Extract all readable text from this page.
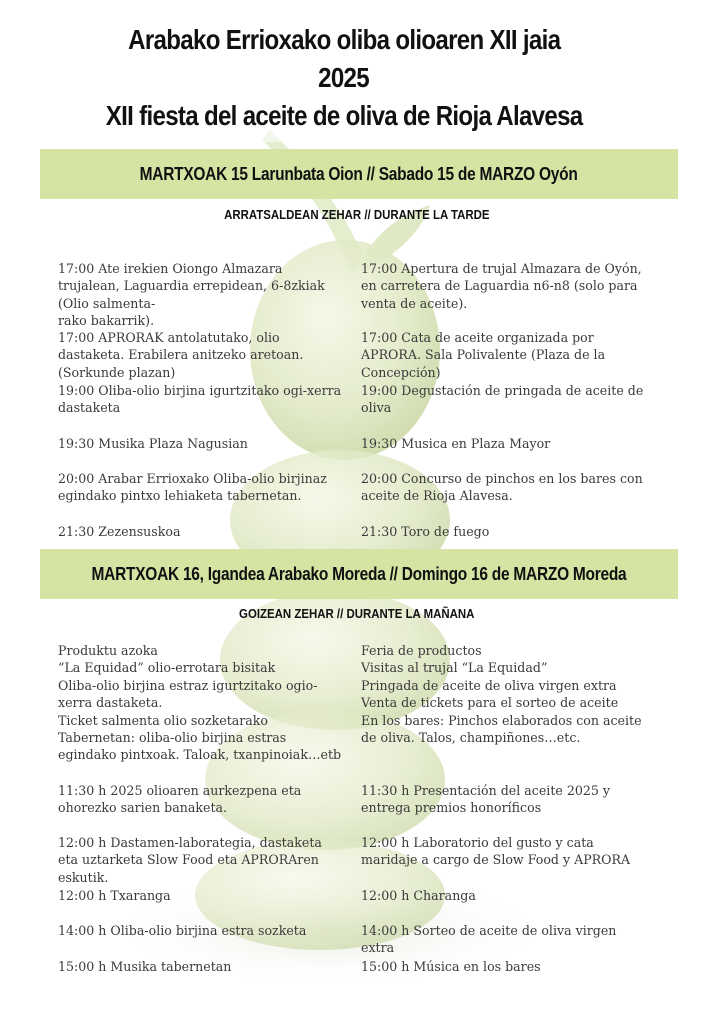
Arabako Errioxako oliba olioaren XII jaia
2025
XII fiesta del aceite de oliva de Rioja Alavesa
MARTXOAK 15 Larunbata Oion // Sabado 15 de MARZO Oyón
ARRATSALDEAN ZEHAR // DURANTE LA TARDE
17:00 Ate irekien Oiongo Almazara trujalean, Laguardia errepidean, 6-8zkiak (Olio salmenta-
rako bakarrik).
17:00 APRORAK antolatutako, olio dastaketa. Erabilera anitzeko aretoan. (Sorkunde plazan)
19:00 Oliba-olio birjina igurtzitako ogi-xerra dastaketa
19:30 Musika Plaza Nagusian
20:00 Arabar Errioxako Oliba-olio birjinaz egindako pintxo lehiaketa tabernetan.
21:30 Zezensuskoa
17:00 Apertura de trujal Almazara de Oyón, en carretera de Laguardia n6-n8 (solo para venta de aceite).
17:00 Cata de aceite organizada por APRORA. Sala Polivalente (Plaza de la Concepción)
19:00 Degustación de pringada de aceite de oliva
19:30 Musica en Plaza Mayor
20:00 Concurso de pinchos en los bares con aceite de Rioja Alavesa.
21:30 Toro de fuego
MARTXOAK 16, Igandea Arabako Moreda // Domingo 16 de MARZO Moreda
GOIZEAN ZEHAR // DURANTE LA MAÑANA
Produktu azoka
“La Equidad” olio-errotara bisitak
Oliba-olio birjina estraz igurtzitako ogio-xerra dastaketa.
Ticket salmenta olio sozketarako
Tabernetan: oliba-olio birjina estras egindako pintxoak. Taloak, txanpinoiak…etb
11:30 h 2025 olioaren aurkezpena eta ohorezko sarien banaketa.
12:00 h Dastamen-laborategia, dastaketa eta uztarketa Slow Food eta APRORAren eskutik.
12:00 h Txaranga
14:00 h Oliba-olio birjina estra sozketa
15:00 h Musika tabernetan
Feria de productos
Visitas al trujal “La Equidad”
Pringada de aceite de oliva virgen extra
Venta de tickets para el sorteo de aceite
En los bares: Pinchos elaborados con aceite de oliva. Talos, champiñones…etc.
11:30 h Presentación del aceite 2025 y entrega premios honoríficos
12:00 h Laboratorio del gusto y cata maridaje a cargo de Slow Food y APRORA
12:00 h Charanga
14:00 h Sorteo de aceite de oliva virgen extra
15:00 h Música en los bares
